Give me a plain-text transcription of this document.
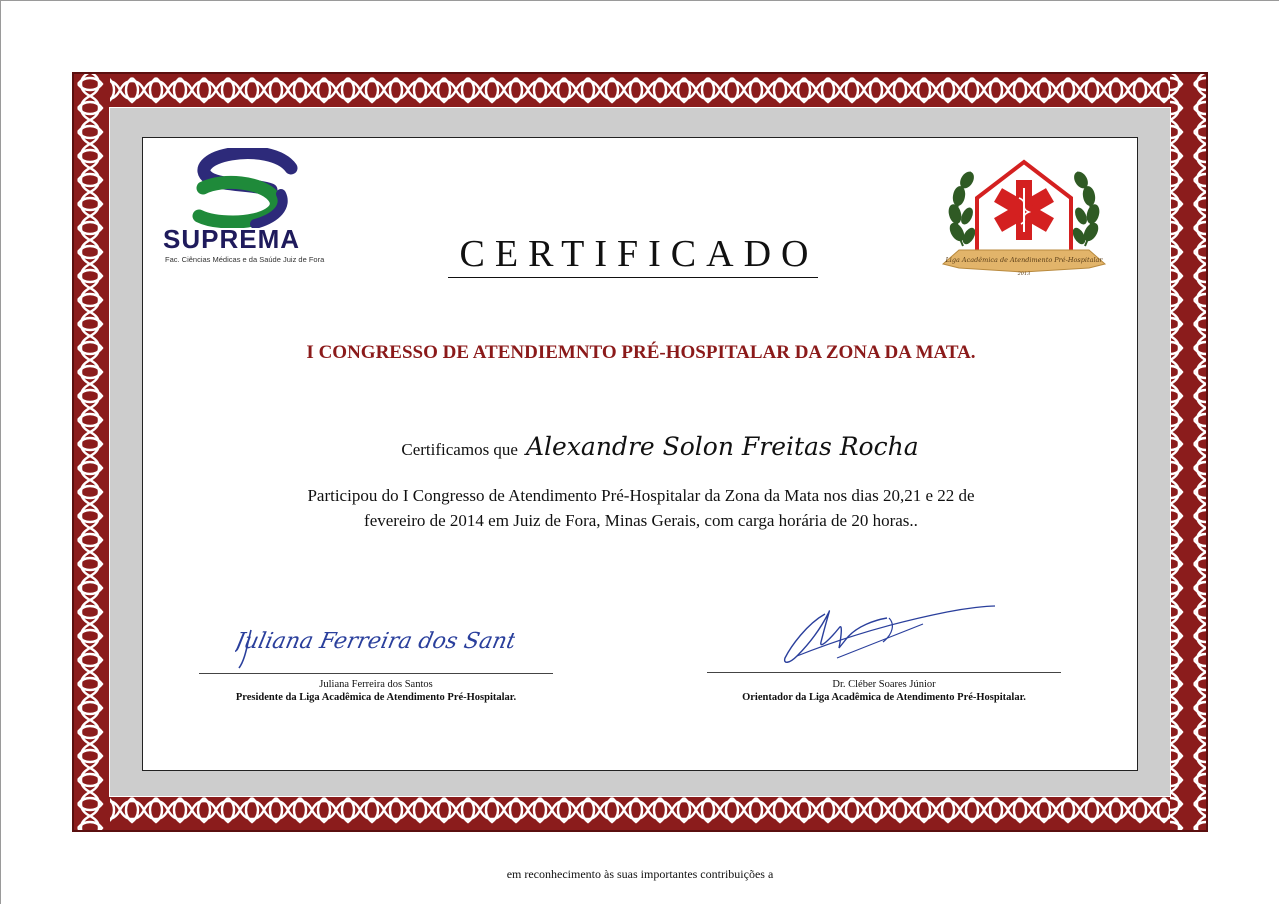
SUPREMA
Fac. Ciências Médicas e da Saúde Juiz de Fora	Liga Acadêmica de Atendimento Pré-Hospitalar
2013
CERTIFICADO
I CONGRESSO DE ATENDIEMNTO PRÉ-HOSPITALAR DA ZONA DA MATA.
Certificamos que Alexandre Solon Freitas Rocha
Participou do I Congresso de Atendimento Pré-Hospitalar da Zona da Mata nos dias 20,21 e 22 de
fevereiro de 2014 em Juiz de Fora, Minas Gerais, com carga horária de 20 horas..
Juliana Ferreira dos Santos
Juliana Ferreira dos Santos
Presidente da Liga Acadêmica de Atendimento Pré-Hospitalar.
Dr. Cléber Soares Júnior
Orientador da Liga Acadêmica de Atendimento Pré-Hospitalar.
em reconhecimento às suas importantes contribuições a
